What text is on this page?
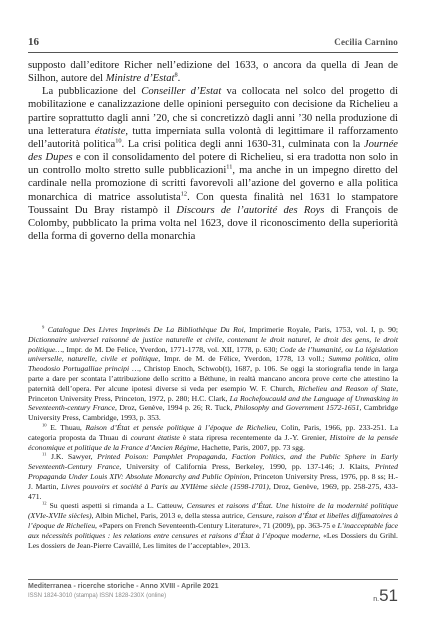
16	Cecilia Carnino

supposto dall’editore Richer nell’edizione del 1633, o ancora da quella di Jean de Silhon, autore del Ministre d’Estat$^8$.

La pubblicazione del Conseiller d’Estat va collocata nel solco del progetto di mobilitazione e canalizzazione delle opinioni perseguito con decisione da Richelieu a partire soprattutto dagli anni ’20, che si concretizzò dagli anni ’30 nella produzione di una letteratura étatiste, tutta imperniata sulla volontà di legittimare il rafforzamento dell’autorità politica$^{10}$. La crisi politica degli anni 1630-31, culminata con la Journée des Dupes e con il consolidamento del potere di Richelieu, si era tradotta non solo in un controllo molto stretto sulle pubblicazioni$^{11}$, ma anche in un impegno diretto del cardinale nella promozione di scritti favorevoli all’azione del governo e alla politica monarchica di matrice assolutista$^{12}$. Con questa finalità nel 1631 lo stampatore Toussaint Du Bray ristampò il Discours de l’autorité des Roys di François de Colomby, pubblicato la prima volta nel 1623, dove il riconoscimento della superiorità della forma di governo della monarchia

$^9$ Catalogue Des Livres Imprimés De La Bibliothèque Du Roi, Imprimerie Royale, Paris, 1753, vol. I, p. 90; Dictionnaire universel raisonné de justice naturelle et civile, contenant le droit naturel, le droit des gens, le droit politique…, Impr. de M. De Felice, Yverdon, 1771-1778, vol. XII, 1778, p. 630; Code de l’humanité, ou La législation universelle, naturelle, civile et politique, Impr. de M. de Félice, Yverdon, 1778, 13 voll.; Summa politica, olim Theodosio Portugalliae principi …, Christop Enoch, Schwob(t), 1687, p. 106. Se oggi la storiografia tende in larga parte a dare per scontata l’attribuzione dello scritto a Béthune, in realtà mancano ancora prove certe che attestino la paternità dell’opera. Per alcune ipotesi diverse si veda per esempio W. F. Church, Richelieu and Reason of State, Princeton University Press, Princeton, 1972, p. 280; H.C. Clark, La Rochefoucauld and the Language of Unmasking in Seventeenth-century France, Droz, Genève, 1994 p. 26; R. Tuck, Philosophy and Government 1572-1651, Cambridge University Press, Cambridge, 1993, p. 353.

$^{10}$ E. Thuau, Raison d’État et pensée politique à l’époque de Richelieu, Colin, Paris, 1966, pp. 233-251. La categoria proposta da Thuau di courant étatiste è stata ripresa recentemente da J.-Y. Grenier, Histoire de la pensée économique et politique de la France d’Ancien Régime, Hachette, Paris, 2007, pp. 73 sgg.

$^{11}$ J.K. Sawyer, Printed Poison: Pamphlet Propaganda, Faction Politics, and the Public Sphere in Early Seventeenth-Century France, University of California Press, Berkeley, 1990, pp. 137-146; J. Klaits, Printed Propaganda Under Louis XIV: Absolute Monarchy and Public Opinion, Princeton University Press, 1976, pp. 8 ss; H.-J. Martin, Livres pouvoirs et société à Paris au XVIIème siècle (1598-1701), Droz, Genève, 1969, pp. 258-275, 433-471.

$^{12}$ Su questi aspetti si rimanda a L. Catteuw, Censures et raisons d’État. Une histoire de la modernité politique (XVIe-XVIIe siècles), Albin Michel, Paris, 2013 e, della stessa autrice, Censure, raison d’État et libelles diffamatoires à l’époque de Richelieu, «Papers on French Seventeenth-Century Literature», 71 (2009), pp. 363-75 e L’inacceptable face aux nécessités politiques : les relations entre censures et raisons d’État à l’époque moderne, «Les Dossiers du Grihl. Les dossiers de Jean-Pierre Cavaillé, Les limites de l’acceptable», 2013.

Mediterranea - ricerche storiche - Anno XVIII - Aprile 2021
ISSN 1824-3010 (stampa) ISSN 1828-230X (online)	n.51
